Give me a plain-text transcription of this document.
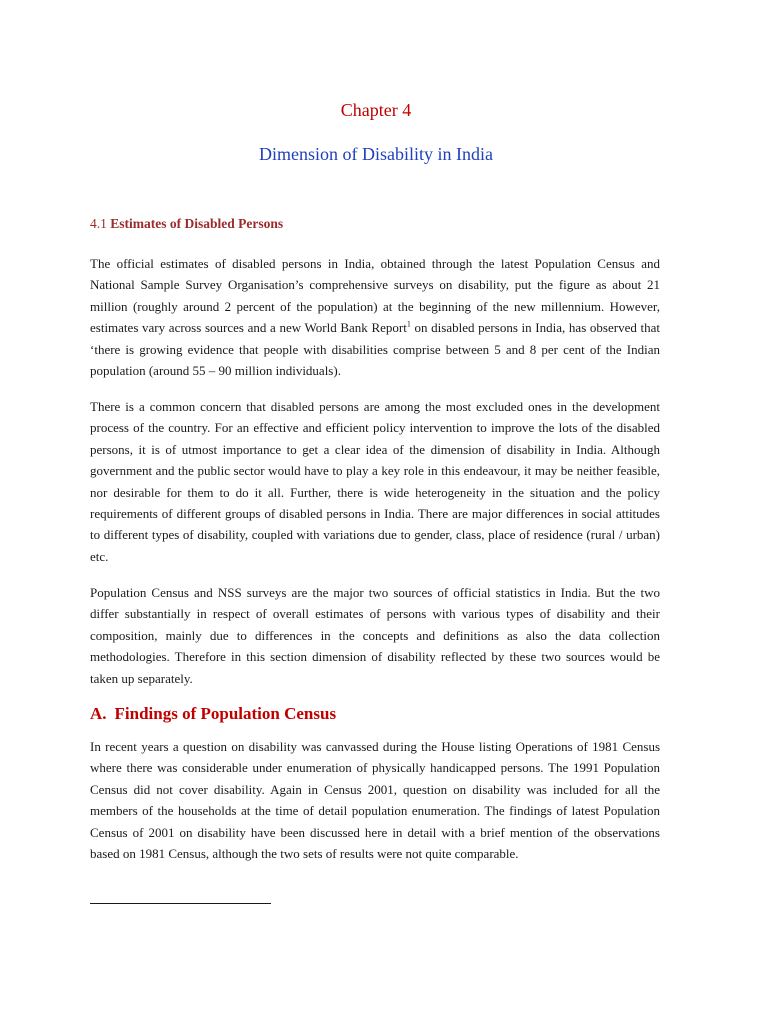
Chapter 4
Dimension of Disability in India
4.1 Estimates of Disabled Persons

The official estimates of disabled persons in India, obtained through the latest Population Census and National Sample Survey Organisation’s comprehensive surveys on disability, put the figure as about 21 million (roughly around 2 percent of the population) at the beginning of the new millennium. However, estimates vary across sources and a new World Bank Report$^1$ on disabled persons in India, has observed that ‘there is growing evidence that people with disabilities comprise between 5 and 8 per cent of the Indian population (around 55 – 90 million individuals).

There is a common concern that disabled persons are among the most excluded ones in the development process of the country. For an effective and efficient policy intervention to improve the lots of the disabled persons, it is of utmost importance to get a clear idea of the dimension of disability in India. Although government and the public sector would have to play a key role in this endeavour, it may be neither feasible, nor desirable for them to do it all. Further, there is wide heterogeneity in the situation and the policy requirements of different groups of disabled persons in India. There are major differences in social attitudes to different types of disability, coupled with variations due to gender, class, place of residence (rural / urban) etc.

Population Census and NSS surveys are the major two sources of official statistics in India. But the two differ substantially in respect of overall estimates of persons with various types of disability and their composition, mainly due to differences in the concepts and definitions as also the data collection methodologies. Therefore in this section dimension of disability reflected by these two sources would be taken up separately.

A. Findings of Population Census

In recent years a question on disability was canvassed during the House listing Operations of 1981 Census where there was considerable under enumeration of physically handicapped persons. The 1991 Population Census did not cover disability. Again in Census 2001, question on disability was included for all the members of the households at the time of detail population enumeration. The findings of latest Population Census of 2001 on disability have been discussed here in detail with a brief mention of the observations based on 1981 Census, although the two sets of results were not quite comparable.
